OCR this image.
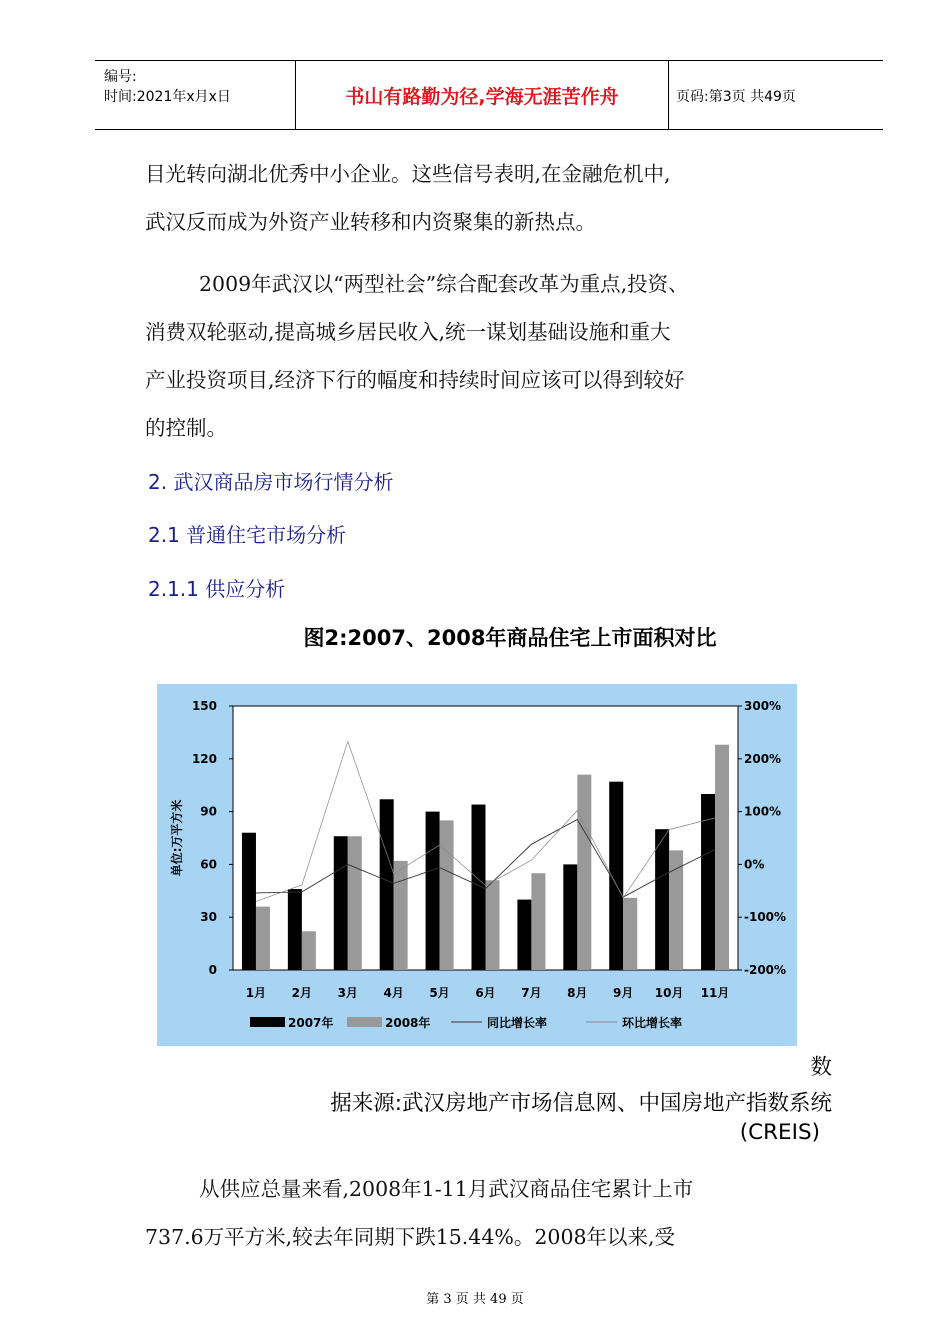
编号:
时间:2021年x月x日	书山有路勤为径,学海无涯苦作舟	页码:第3页 共49页
目光转向湖北优秀中小企业。这些信号表明,在金融危机中,
武汉反而成为外资产业转移和内资聚集的新热点。
2009年武汉以“两型社会”综合配套改革为重点,投资、
消费双轮驱动,提高城乡居民收入,统一谋划基础设施和重大
产业投资项目,经济下行的幅度和持续时间应该可以得到较好
的控制。
2. 武汉商品房市场行情分析
2.1 普通住宅市场分析
2.1.1 供应分析
图2:2007、2008年商品住宅上市面积对比
150
120
90
60
30
0
300%
200%
100%
0%
-100%
-200%
1月 2月 3月 4月 5月 6月 7月 8月 9月 10月 11月
单位:万平方米
2007年	2008年	同比增长率	环比增长率
数
据来源:武汉房地产市场信息网、中国房地产指数系统
(CREIS)
从供应总量来看,2008年1-11月武汉商品住宅累计上市
737.6万平方米,较去年同期下跌15.44%。2008年以来,受
第 3 页 共 49 页
